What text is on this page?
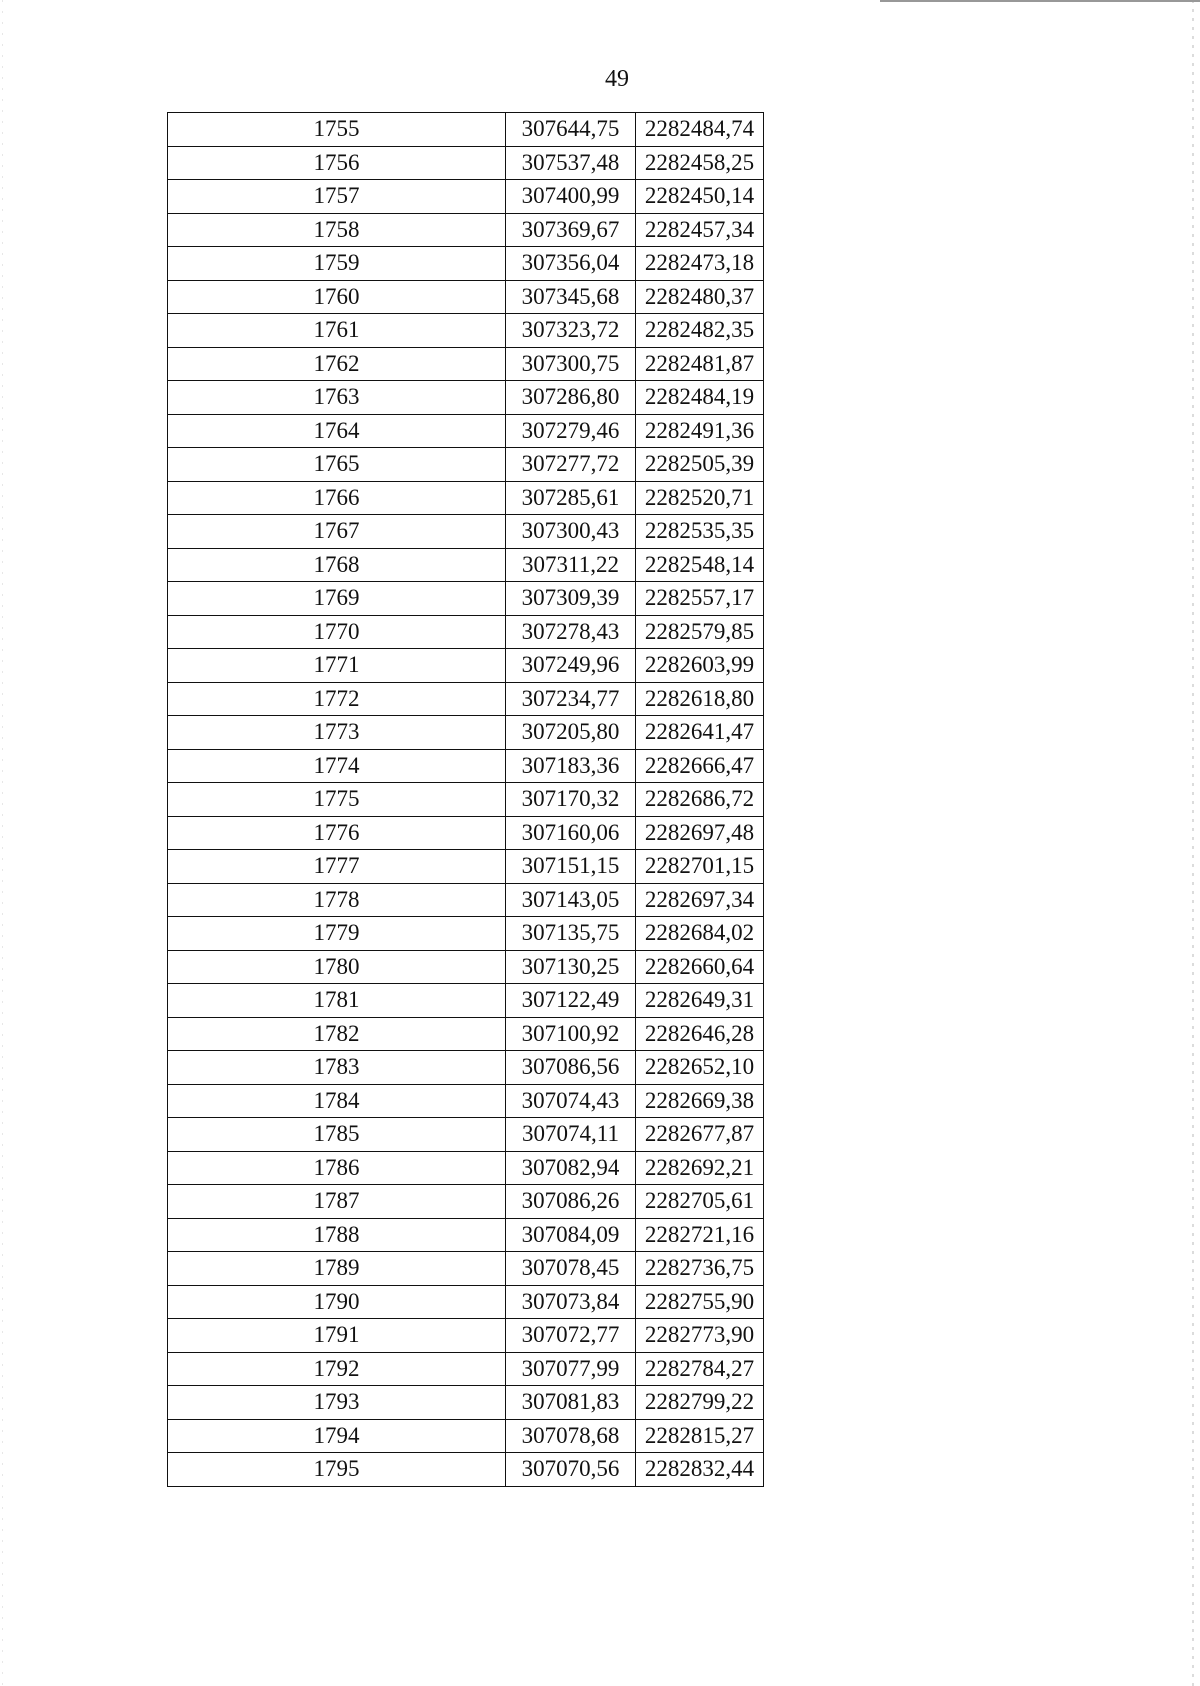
49
1755	307644,75	2282484,74
1756	307537,48	2282458,25
1757	307400,99	2282450,14
1758	307369,67	2282457,34
1759	307356,04	2282473,18
1760	307345,68	2282480,37
1761	307323,72	2282482,35
1762	307300,75	2282481,87
1763	307286,80	2282484,19
1764	307279,46	2282491,36
1765	307277,72	2282505,39
1766	307285,61	2282520,71
1767	307300,43	2282535,35
1768	307311,22	2282548,14
1769	307309,39	2282557,17
1770	307278,43	2282579,85
1771	307249,96	2282603,99
1772	307234,77	2282618,80
1773	307205,80	2282641,47
1774	307183,36	2282666,47
1775	307170,32	2282686,72
1776	307160,06	2282697,48
1777	307151,15	2282701,15
1778	307143,05	2282697,34
1779	307135,75	2282684,02
1780	307130,25	2282660,64
1781	307122,49	2282649,31
1782	307100,92	2282646,28
1783	307086,56	2282652,10
1784	307074,43	2282669,38
1785	307074,11	2282677,87
1786	307082,94	2282692,21
1787	307086,26	2282705,61
1788	307084,09	2282721,16
1789	307078,45	2282736,75
1790	307073,84	2282755,90
1791	307072,77	2282773,90
1792	307077,99	2282784,27
1793	307081,83	2282799,22
1794	307078,68	2282815,27
1795	307070,56	2282832,44
